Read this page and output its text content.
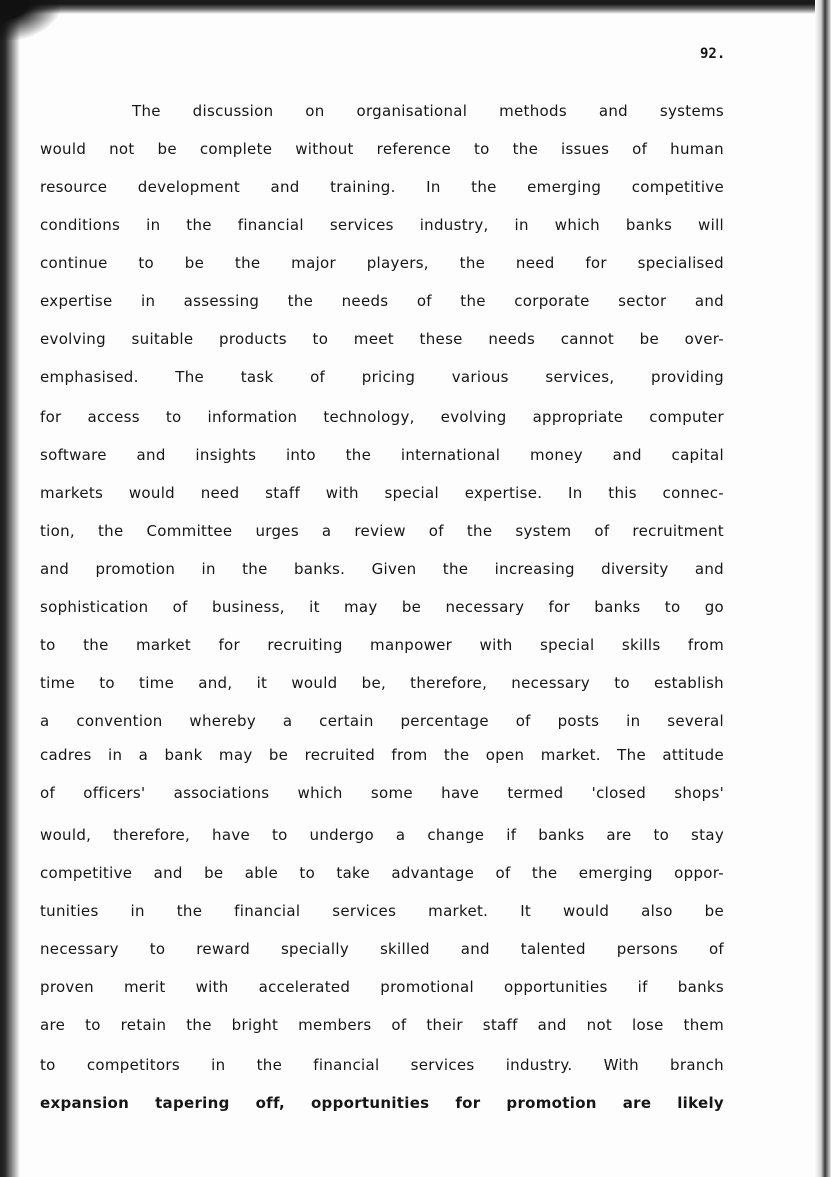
92.
The discussion on organisational methods and systems
would not be complete without reference to the issues of human
resource development and training. In the emerging competitive
conditions in the financial services industry, in which banks will
continue to be the major players, the need for specialised
expertise in assessing the needs of the corporate sector and
evolving suitable products to meet these needs cannot be over-
emphasised. The task of pricing various services, providing
for access to information technology, evolving appropriate computer
software and insights into the international money and capital
markets would need staff with special expertise. In this connec-
tion, the Committee urges a review of the system of recruitment
and promotion in the banks. Given the increasing diversity and
sophistication of business, it may be necessary for banks to go
to the market for recruiting manpower with special skills from
time to time and, it would be, therefore, necessary to establish
a convention whereby a certain percentage of posts in several
cadres in a bank may be recruited from the open market. The attitude
of officers' associations which some have termed 'closed shops'
would, therefore, have to undergo a change if banks are to stay
competitive and be able to take advantage of the emerging oppor-
tunities in the financial services market. It would also be
necessary to reward specially skilled and talented persons of
proven merit with accelerated promotional opportunities if banks
are to retain the bright members of their staff and not lose them
to competitors in the financial services industry. With branch
expansion tapering off, opportunities for promotion are likely
